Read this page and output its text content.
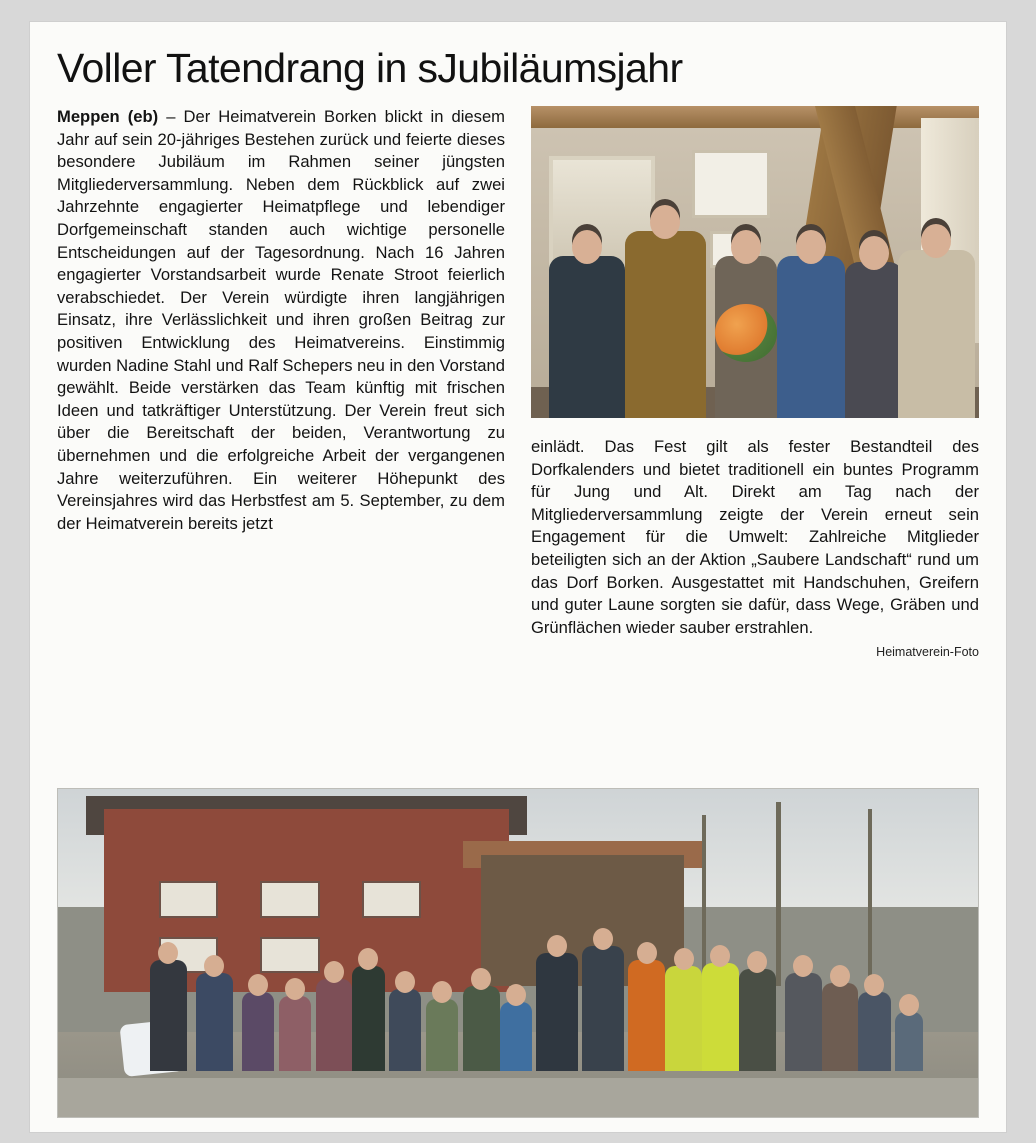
Voller Tatendrang in sJubiläumsjahr
Meppen (eb) – Der Heimatverein Borken blickt in diesem Jahr auf sein 20-jähriges Bestehen zurück und feierte dieses besondere Jubiläum im Rahmen seiner jüngsten Mitgliederversammlung. Neben dem Rückblick auf zwei Jahrzehnte engagierter Heimatpflege und lebendiger Dorfgemeinschaft standen auch wichtige personelle Entscheidungen auf der Tagesordnung. Nach 16 Jahren engagierter Vorstandsarbeit wurde Renate Stroot feierlich verabschiedet. Der Verein würdigte ihren langjährigen Einsatz, ihre Verlässlichkeit und ihren großen Beitrag zur positiven Entwicklung des Heimatvereins. Einstimmig wurden Nadine Stahl und Ralf Schepers neu in den Vorstand gewählt. Beide verstärken das Team künftig mit frischen Ideen und tatkräftiger Unterstützung. Der Verein freut sich über die Bereitschaft der beiden, Verantwortung zu übernehmen und die erfolgreiche Arbeit der vergangenen Jahre weiterzuführen. Ein weiterer Höhepunkt des Vereinsjahres wird das Herbstfest am 5. September, zu dem der Heimatverein bereits jetzt
einlädt. Das Fest gilt als fester Bestandteil des Dorfkalenders und bietet traditionell ein buntes Programm für Jung und Alt. Direkt am Tag nach der Mitgliederversammlung zeigte der Verein erneut sein Engagement für die Umwelt: Zahlreiche Mitglieder beteiligten sich an der Aktion „Saubere Landschaft“ rund um das Dorf Borken. Ausgestattet mit Handschuhen, Greifern und guter Laune sorgten sie dafür, dass Wege, Gräben und Grünflächen wieder sauber erstrahlen.
Heimatverein-Foto
